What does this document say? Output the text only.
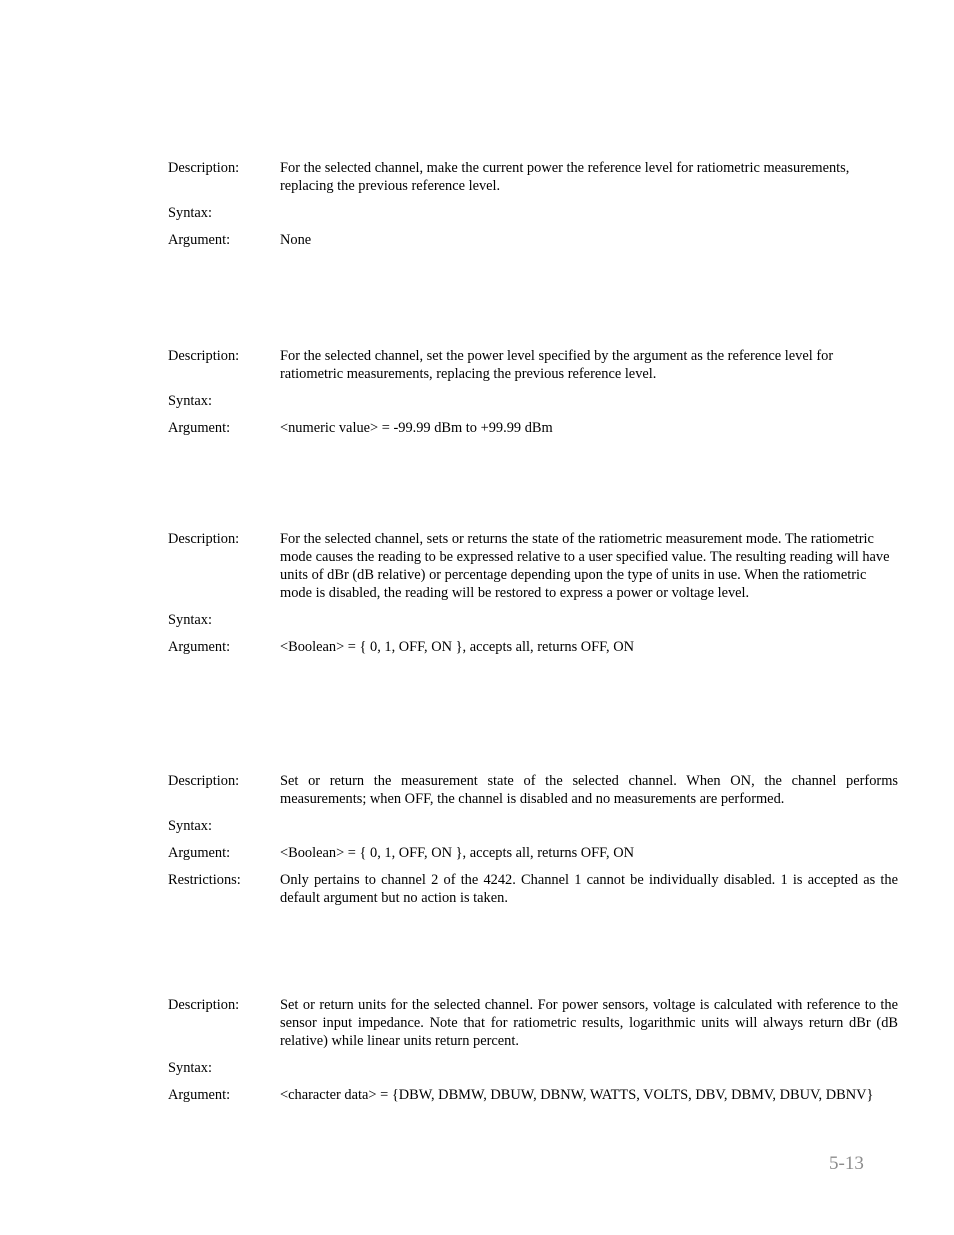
Description:	For the selected channel, make the current power the reference level for ratiometric measurements, replacing the previous reference level.
Syntax:
Argument:	None
Description:	For the selected channel, set the power level specified by the argument as the reference level for ratiometric measurements, replacing the previous reference level.
Syntax:
Argument:	<numeric value> = -99.99 dBm to +99.99 dBm
Description:	For the selected channel, sets or returns the state of the ratiometric measurement mode. The ratiometric mode causes the reading to be expressed relative to a user specified value. The resulting reading will have units of dBr (dB relative) or percentage depending upon the type of units in use. When the ratiometric mode is disabled, the reading will be restored to express a power or voltage level.
Syntax:
Argument:	<Boolean> = { 0, 1, OFF, ON }, accepts all, returns OFF, ON
Description:	Set or return the measurement state of the selected channel. When ON, the channel performs measurements; when OFF, the channel is disabled and no measurements are performed.
Syntax:
Argument:	<Boolean> = { 0, 1, OFF, ON }, accepts all, returns OFF, ON
Restrictions:	Only pertains to channel 2 of the 4242. Channel 1 cannot be individually disabled. 1 is accepted as the default argument but no action is taken.
Description:	Set or return units for the selected channel. For power sensors, voltage is calculated with reference to the sensor input impedance. Note that for ratiometric results, logarithmic units will always return dBr (dB relative) while linear units return percent.
Syntax:
Argument:	<character data> = {DBW, DBMW, DBUW, DBNW, WATTS, VOLTS, DBV, DBMV, DBUV, DBNV}
5-13
